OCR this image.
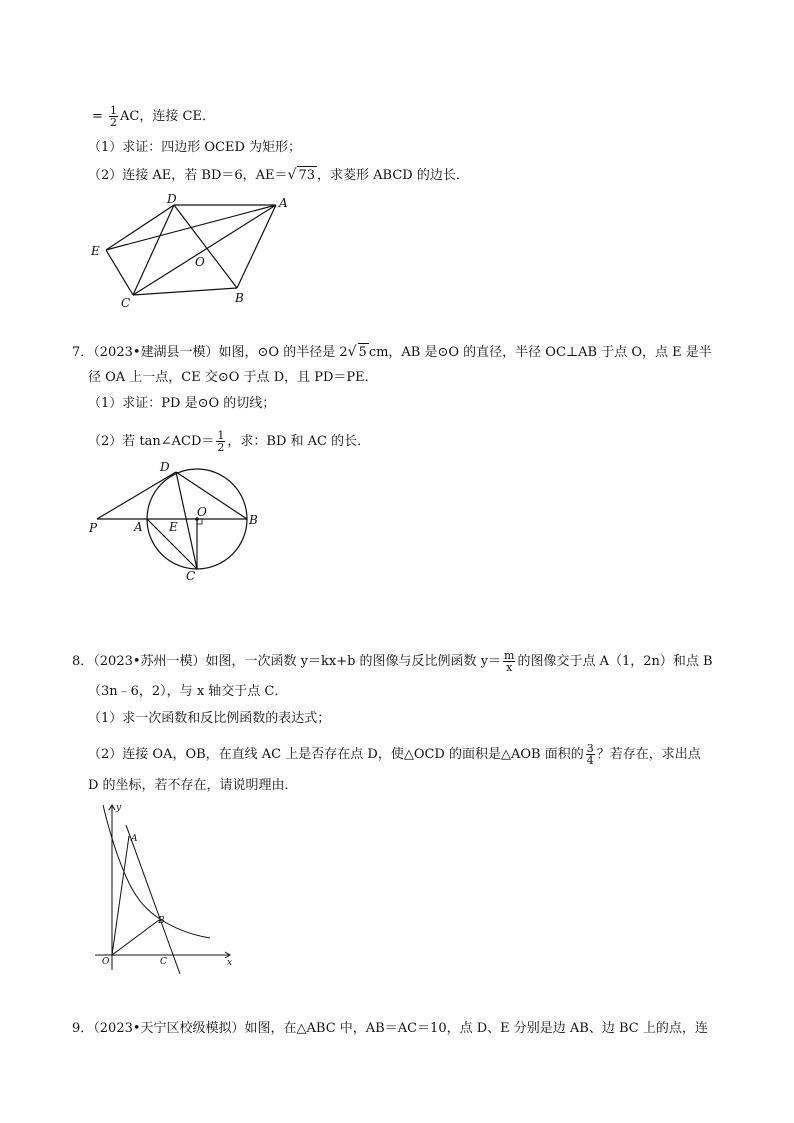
= $\frac{1}{2}$ AC，连接 CE．
（1）求证：四边形 OCED 为矩形；
（2）连接 AE，若 BD＝6，AE＝√ 73 ，求菱形 ABCD 的边长．
D	A
E
O
C	B
7．（2023•建湖县一模）如图，⊙O 的半径是 2√ 5 cm，AB 是⊙O 的直径，半径 OC⊥AB 于点 O，点 E 是半
径 OA 上一点，CE 交⊙O 于点 D，且 PD＝PE．
（1）求证：PD 是⊙O 的切线；
（2）若 tan∠ACD＝ $\frac{1}{2}$ ，求：BD 和 AC 的长．
D
O
P	A E	B
C
8．（2023•苏州一模）如图，一次函数 y＝kx+b 的图像与反比例函数 $y= \frac{m}{x}$ 的图像交于点 A（1，2n）和点 B
（3n﹣6，2），与 x 轴交于点 C．
（1）求一次函数和反比例函数的表达式；
（2）连接 OA，OB，在直线 AC 上是否存在点 D，使△OCD 的面积是△AOB 面积的 $\frac{3}{4}$ ？若存在，求出点
D 的坐标，若不存在，请说明理由．
y
A
B
O	C	x
9．（2023•天宁区校级模拟）如图，在△ABC 中，AB＝AC＝10，点 D、E 分别是边 AB、边 BC 上的点，连
